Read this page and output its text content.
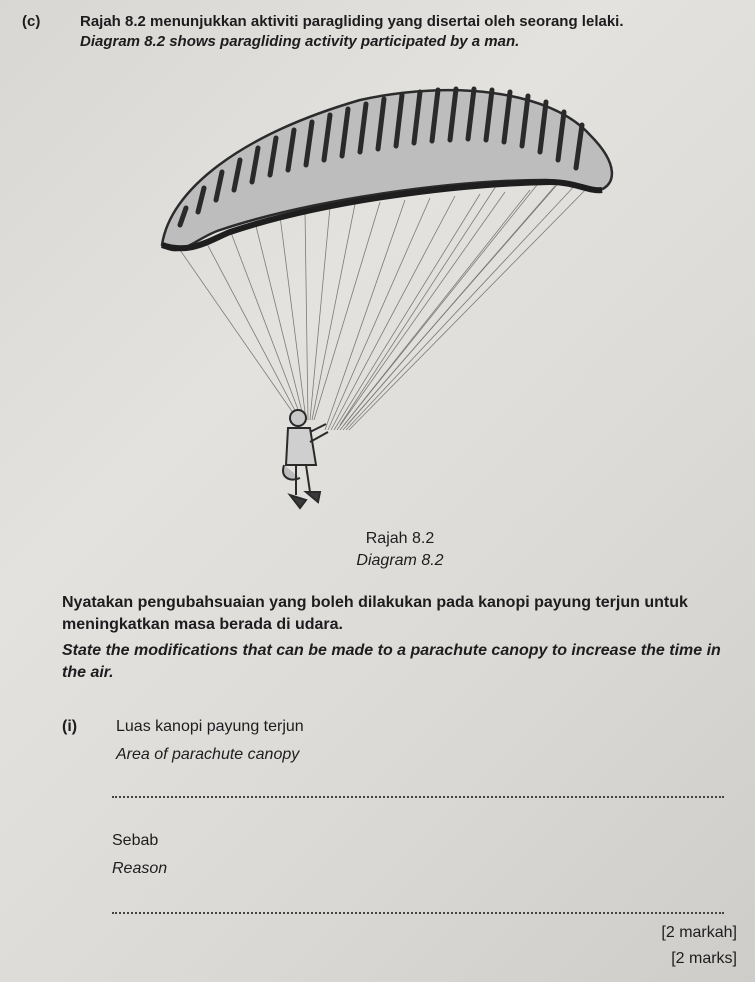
(c)	Rajah 8.2 menunjukkan aktiviti paragliding yang disertai oleh seorang lelaki.
Diagram 8.2 shows paragliding activity participated by a man.
Rajah 8.2
Diagram 8.2

Nyatakan pengubahsuaian yang boleh dilakukan pada kanopi payung terjun untuk meningkatkan masa berada di udara.

State the modifications that can be made to a parachute canopy to increase the time in the air.

(i) Luas kanopi payung terjun
Area of parachute canopy
Sebab
Reason
[2 markah]
[2 marks]
